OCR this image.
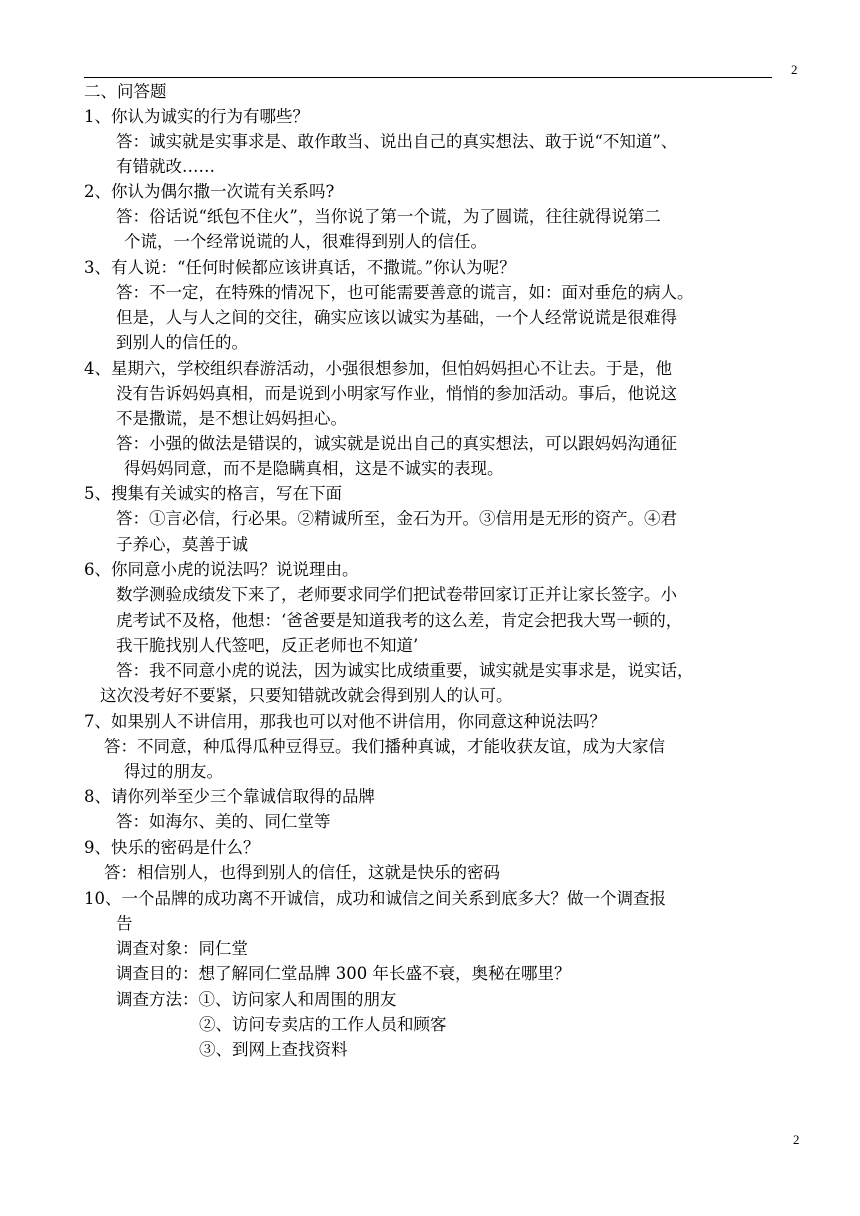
2
二、问答题
1、你认为诚实的行为有哪些？
答：诚实就是实事求是、敢作敢当、说出自己的真实想法、敢于说“不知道”、
有错就改……
2、你认为偶尔撒一次谎有关系吗?
答：俗话说“纸包不住火”，当你说了第一个谎，为了圆谎，往往就得说第二
个谎，一个经常说谎的人，很难得到别人的信任。
3、有人说：“任何时候都应该讲真话，不撒谎。”你认为呢？
答：不一定，在特殊的情况下，也可能需要善意的谎言，如：面对垂危的病人。
但是，人与人之间的交往，确实应该以诚实为基础，一个人经常说谎是很难得
到别人的信任的。
4、星期六，学校组织春游活动，小强很想参加，但怕妈妈担心不让去。于是，他
没有告诉妈妈真相，而是说到小明家写作业，悄悄的参加活动。事后，他说这
不是撒谎，是不想让妈妈担心。
答：小强的做法是错误的，诚实就是说出自己的真实想法，可以跟妈妈沟通征
得妈妈同意，而不是隐瞒真相，这是不诚实的表现。
5、搜集有关诚实的格言，写在下面
答：①言必信，行必果。②精诚所至，金石为开。③信用是无形的资产。④君
子养心，莫善于诚
6、你同意小虎的说法吗？说说理由。
数学测验成绩发下来了，老师要求同学们把试卷带回家订正并让家长签字。小
虎考试不及格，他想：‘爸爸要是知道我考的这么差，肯定会把我大骂一顿的，
我干脆找别人代签吧，反正老师也不知道’
答：我不同意小虎的说法，因为诚实比成绩重要，诚实就是实事求是，说实话，
这次没考好不要紧，只要知错就改就会得到别人的认可。
7、如果别人不讲信用，那我也可以对他不讲信用，你同意这种说法吗？
答：不同意，种瓜得瓜种豆得豆。我们播种真诚，才能收获友谊，成为大家信
得过的朋友。
8、请你列举至少三个靠诚信取得的品牌
答：如海尔、美的、同仁堂等
9、快乐的密码是什么？
答：相信别人，也得到别人的信任，这就是快乐的密码
10、一个品牌的成功离不开诚信，成功和诚信之间关系到底多大？做一个调查报
告
调查对象：同仁堂
调查目的：想了解同仁堂品牌 300 年长盛不衰，奥秘在哪里？
调查方法：①、访问家人和周围的朋友
②、访问专卖店的工作人员和顾客
③、到网上查找资料
2
